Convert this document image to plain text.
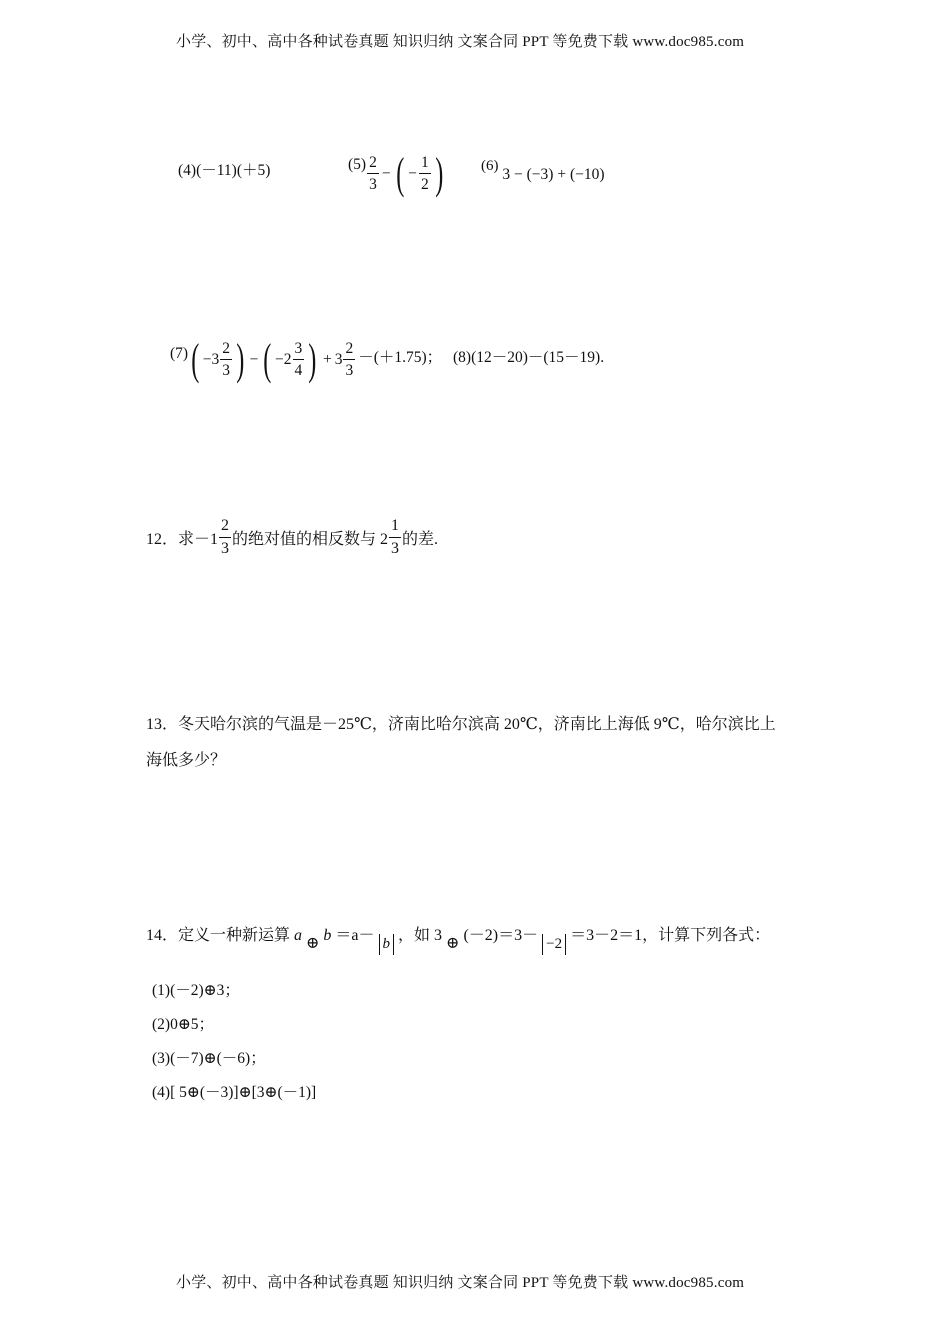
小学、初中、高中各种试卷真题 知识归纳 文案合同 PPT 等免费下载 www.doc985.com
(4)(－11)(＋5)	$(5) \frac{2}{3}$ − ( − $\frac{1}{2}$ )	(6) 3 − (−3) + (−10)
(7) ( $-3 \frac{2}{3}$ ) − ( $-2 \frac{3}{4}$ ) + $3 \frac{2}{3} -(+1.75)$； (8)(12－20)－(15－19).
12．求$-1 \frac{2}{3}$ 的绝对值的相反数与 $2 \frac{1}{3}$ 的差.
13．冬天哈尔滨的气温是－25℃，济南比哈尔滨高 20℃，济南比上海低 9℃，哈尔滨比上
海低多少？
14．定义一种新运算 a ⊕ b ＝a－ b ，如 3 ⊕ (－2)＝3－ −2 ＝3－2＝1，计算下列各式：
(1)(－2)⊕3；
(2)0⊕5；
(3)(－7)⊕(－6)；
(4)[ 5⊕(－3)]⊕[3⊕(－1)]
小学、初中、高中各种试卷真题 知识归纳 文案合同 PPT 等免费下载 www.doc985.com
